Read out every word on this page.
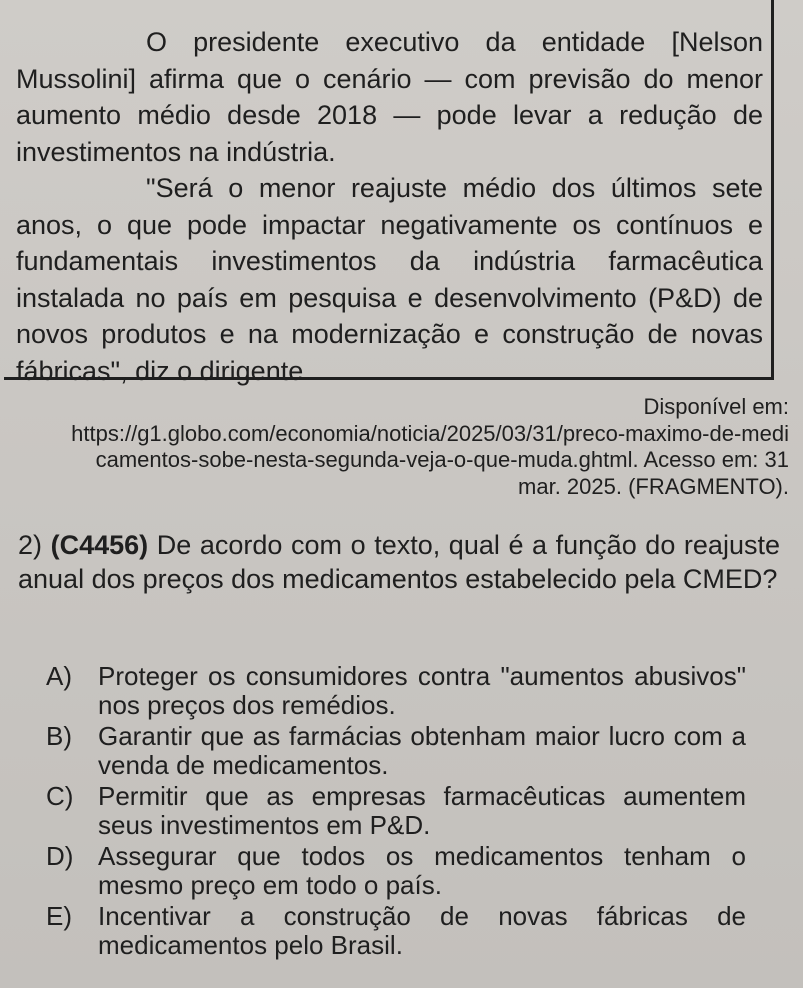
O presidente executivo da entidade [Nelson Mussolini] afirma que o cenário — com previsão do menor aumento médio desde 2018 — pode levar a redução de investimentos na indústria.

"Será o menor reajuste médio dos últimos sete anos, o que pode impactar negativamente os contínuos e fundamentais investimentos da indústria farmacêutica instalada no país em pesquisa e desenvolvimento (P&D) de novos produtos e na modernização e construção de novas fábricas", diz o dirigente.

Disponível em:
https://g1.globo.com/economia/noticia/2025/03/31/preco-maximo-de-medi
camentos-sobe-nesta-segunda-veja-o-que-muda.ghtml. Acesso em: 31
mar. 2025. (FRAGMENTO).

2) (C4456) De acordo com o texto, qual é a função do reajuste anual dos preços dos medicamentos estabelecido pela CMED?

A)	Proteger os consumidores contra "aumentos abusivos" nos preços dos remédios.
B)	Garantir que as farmácias obtenham maior lucro com a venda de medicamentos.
C) Permitir que as empresas farmacêuticas aumentem seus investimentos em P&D.
D) Assegurar que todos os medicamentos tenham o mesmo preço em todo o país.
E)	Incentivar a construção de novas fábricas de medicamentos pelo Brasil.
